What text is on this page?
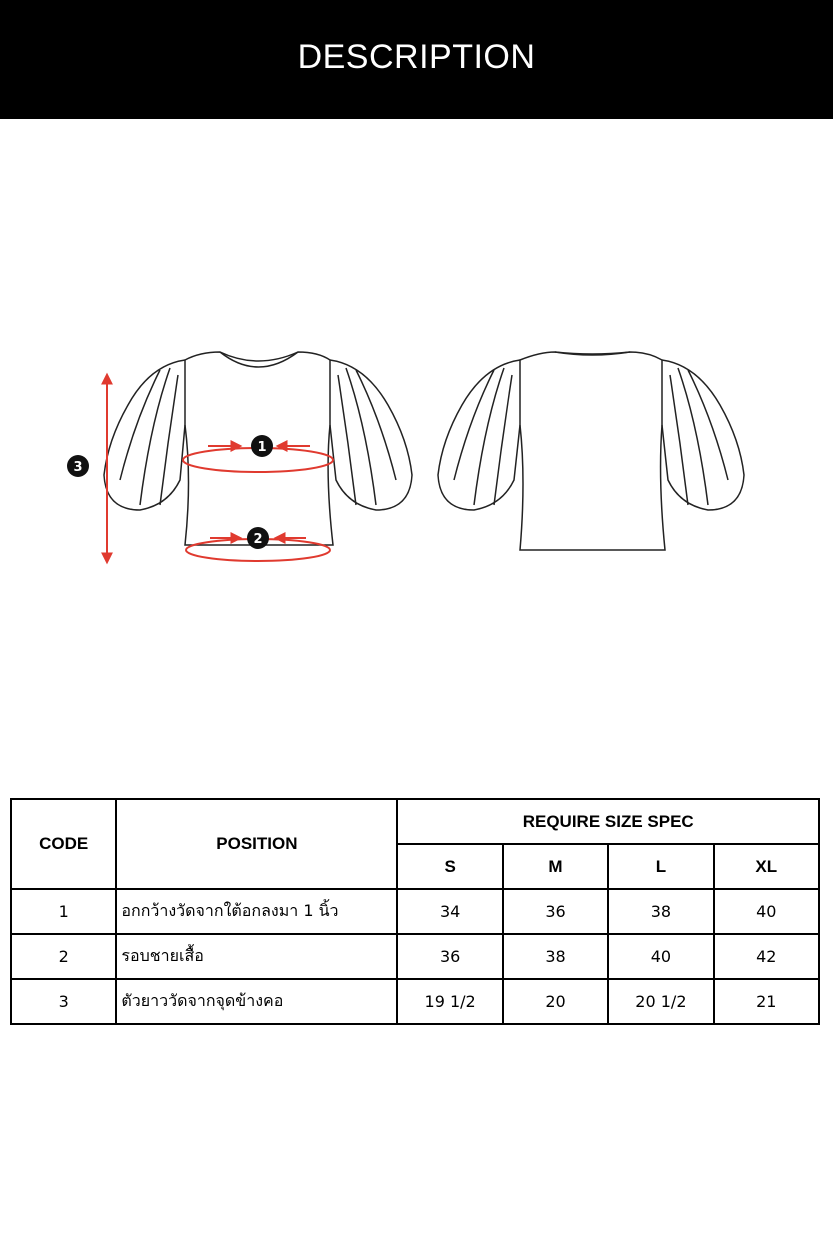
DESCRIPTION
1
2
3
CODE	POSITION	REQUIRE SIZE SPEC			
		S	M	L	XL
1	อกกว้างวัดจากใต้อกลงมา 1 นิ้ว	34	36	38	40
2	รอบชายเสื้อ	36	38	40	42
3	ตัวยาววัดจากจุดข้างคอ	19 1/2	20	20 1/2	21
